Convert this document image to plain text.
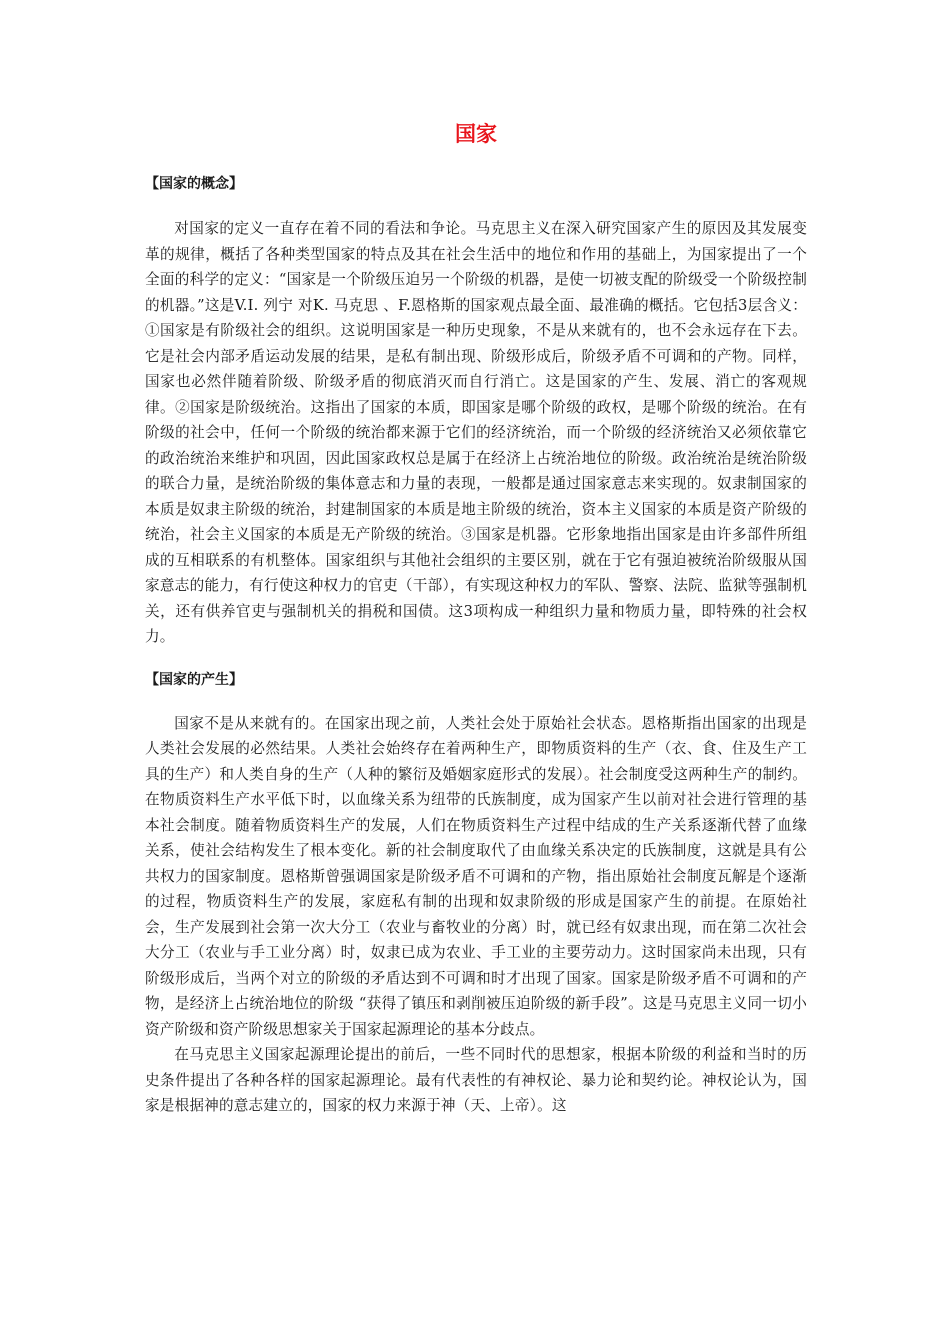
国家
【国家的概念】

对国家的定义一直存在着不同的看法和争论。马克思主义在深入研究国家产生的原因及其发展变革的规律，概括了各种类型国家的特点及其在社会生活中的地位和作用的基础上，为国家提出了一个全面的科学的定义：“国家是一个阶级压迫另一个阶级的机器，是使一切被支配的阶级受一个阶级控制的机器。”这是V.I. 列宁 对K. 马克思 、F.恩格斯的国家观点最全面、最准确的概括。它包括3层含义：①国家是有阶级社会的组织。这说明国家是一种历史现象，不是从来就有的，也不会永远存在下去。它是社会内部矛盾运动发展的结果，是私有制出现、阶级形成后，阶级矛盾不可调和的产物。同样，国家也必然伴随着阶级、阶级矛盾的彻底消灭而自行消亡。这是国家的产生、发展、消亡的客观规律。②国家是阶级统治。这指出了国家的本质，即国家是哪个阶级的政权，是哪个阶级的统治。在有阶级的社会中，任何一个阶级的统治都来源于它们的经济统治，而一个阶级的经济统治又必须依靠它的政治统治来维护和巩固，因此国家政权总是属于在经济上占统治地位的阶级。政治统治是统治阶级的联合力量，是统治阶级的集体意志和力量的表现，一般都是通过国家意志来实现的。奴隶制国家的本质是奴隶主阶级的统治，封建制国家的本质是地主阶级的统治，资本主义国家的本质是资产阶级的统治，社会主义国家的本质是无产阶级的统治。③国家是机器。它形象地指出国家是由许多部件所组成的互相联系的有机整体。国家组织与其他社会组织的主要区别，就在于它有强迫被统治阶级服从国家意志的能力，有行使这种权力的官吏（干部），有实现这种权力的军队、警察、法院、监狱等强制机关，还有供养官吏与强制机关的捐税和国债。这3项构成一种组织力量和物质力量，即特殊的社会权力。

【国家的产生】

国家不是从来就有的。在国家出现之前，人类社会处于原始社会状态。恩格斯指出国家的出现是人类社会发展的必然结果。人类社会始终存在着两种生产，即物质资料的生产（衣、食、住及生产工具的生产）和人类自身的生产（人种的繁衍及婚姻家庭形式的发展）。社会制度受这两种生产的制约。在物质资料生产水平低下时，以血缘关系为纽带的氏族制度，成为国家产生以前对社会进行管理的基本社会制度。随着物质资料生产的发展，人们在物质资料生产过程中结成的生产关系逐渐代替了血缘关系，使社会结构发生了根本变化。新的社会制度取代了由血缘关系决定的氏族制度，这就是具有公共权力的国家制度。恩格斯曾强调国家是阶级矛盾不可调和的产物，指出原始社会制度瓦解是个逐渐的过程，物质资料生产的发展，家庭私有制的出现和奴隶阶级的形成是国家产生的前提。在原始社会，生产发展到社会第一次大分工（农业与畜牧业的分离）时，就已经有奴隶出现，而在第二次社会大分工（农业与手工业分离）时，奴隶已成为农业、手工业的主要劳动力。这时国家尚未出现，只有阶级形成后，当两个对立的阶级的矛盾达到不可调和时才出现了国家。国家是阶级矛盾不可调和的产物，是经济上占统治地位的阶级 “获得了镇压和剥削被压迫阶级的新手段”。这是马克思主义同一切小资产阶级和资产阶级思想家关于国家起源理论的基本分歧点。

在马克思主义国家起源理论提出的前后，一些不同时代的思想家，根据本阶级的利益和当时的历史条件提出了各种各样的国家起源理论。最有代表性的有神权论、暴力论和契约论。神权论认为，国家是根据神的意志建立的，国家的权力来源于神（天、上帝）。这
